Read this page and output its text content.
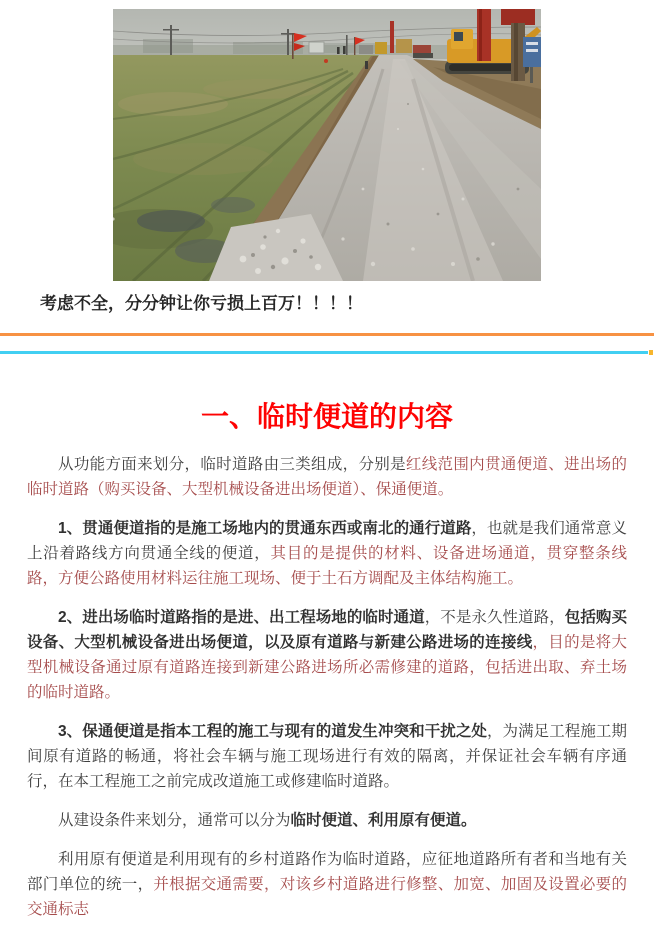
考虑不全，分分钟让你亏损上百万！！！！
一、临时便道的内容

从功能方面来划分，临时道路由三类组成，分别是红线范围内贯通便道、进出场的临时道路（购买设备、大型机械设备进出场便道）、保通便道。

1、贯通便道指的是施工场地内的贯通东西或南北的通行道路，也就是我们通常意义上沿着路线方向贯通全线的便道，其目的是提供的材料、设备进场通道，贯穿整条线路，方便公路使用材料运往施工现场、便于土石方调配及主体结构施工。

2、进出场临时道路指的是进、出工程场地的临时通道，不是永久性道路，包括购买设备、大型机械设备进出场便道，以及原有道路与新建公路进场的连接线，目的是将大型机械设备通过原有道路连接到新建公路进场所必需修建的道路，包括进出取、弃土场的临时道路。

3、保通便道是指本工程的施工与现有的道发生冲突和干扰之处，为满足工程施工期间原有道路的畅通，将社会车辆与施工现场进行有效的隔离，并保证社会车辆有序通行，在本工程施工之前完成改道施工或修建临时道路。

从建设条件来划分，通常可以分为临时便道、利用原有便道。

利用原有便道是利用现有的乡村道路作为临时道路，应征地道路所有者和当地有关部门单位的统一，并根据交通需要，对该乡村道路进行修整、加宽、加固及设置必要的交通标志
